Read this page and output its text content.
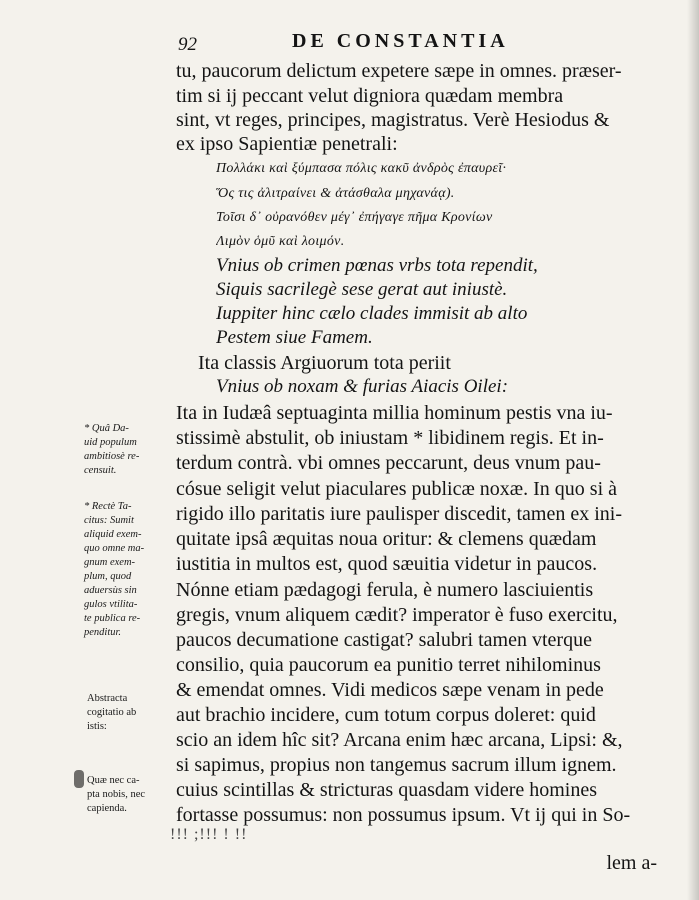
92	DE CONSTANTIA
tu, paucorum delictum expetere sæpe in omnes. præser-
tim si ij peccant velut digniora quædam membra
sint, vt reges, principes, magistratus. Verè Hesiodus &
ex ipso Sapientiæ penetrali:
Πολλάκι καὶ ξύμπασα πόλις κακῦ ἀνδρὸς ἐπαυρεῖ·
Ὅς τις ἀλιτραίνει & ἀτάσθαλα μηχανάᾳ).
Τοῖσι δ᾽ οὐρανόθεν μέγ᾽ ἐπήγαγε πῆμα Κρονίων
Λιμὸν ὁμῦ καὶ λοιμόν.
Vnius ob crimen pœnas vrbs tota rependit,
Siquis sacrilegè sese gerat aut iniustè.
Iuppiter hinc cælo clades immisit ab alto
Pestem siue Famem.
Ita classis Argiuorum tota periit
Vnius ob noxam & furias Aiacis Oilei:
Ita in Iudæâ septuaginta millia hominum pestis vna iu-
stissimè abstulit, ob iniustam * libidinem regis. Et in-
terdum contrà. vbi omnes peccarunt, deus vnum pau-
cósue seligit velut piaculares publicæ noxæ. In quo si à
rigido illo paritatis iure paulisper discedit, tamen ex ini-
quitate ipsâ æquitas noua oritur: & clemens quædam
iustitia in multos est, quod sæuitia videtur in paucos.
Nónne etiam pædagogi ferula, è numero lasciuientis
gregis, vnum aliquem cædit? imperator è fuso exercitu,
paucos decumatione castigat? salubri tamen vterque
consilio, quia paucorum ea punitio terret nihilominus
& emendat omnes. Vidi medicos sæpe venam in pede
aut brachio incidere, cum totum corpus doleret: quid
scio an idem hîc sit? Arcana enim hæc arcana, Lipsi: &,
si sapimus, propius non tangemus sacrum illum ignem.
cuius scintillas & stricturas quasdam videre homines
fortasse possumus: non possumus ipsum. Vt ij qui in So-
!!! ;!!! ! !!
lem a-
* Quâ Da-
uid populum
ambitiosè re-
censuit.
* Rectè Ta-
citus: Sumit
aliquid exem-
quo omne ma-
gnum exem-
plum, quod
aduersùs sin
gulos vtilita-
te publica re-
penditur.
Abstracta
cogitatio ab
istis:
Quæ nec ca-
pta nobis, nec
capienda.
